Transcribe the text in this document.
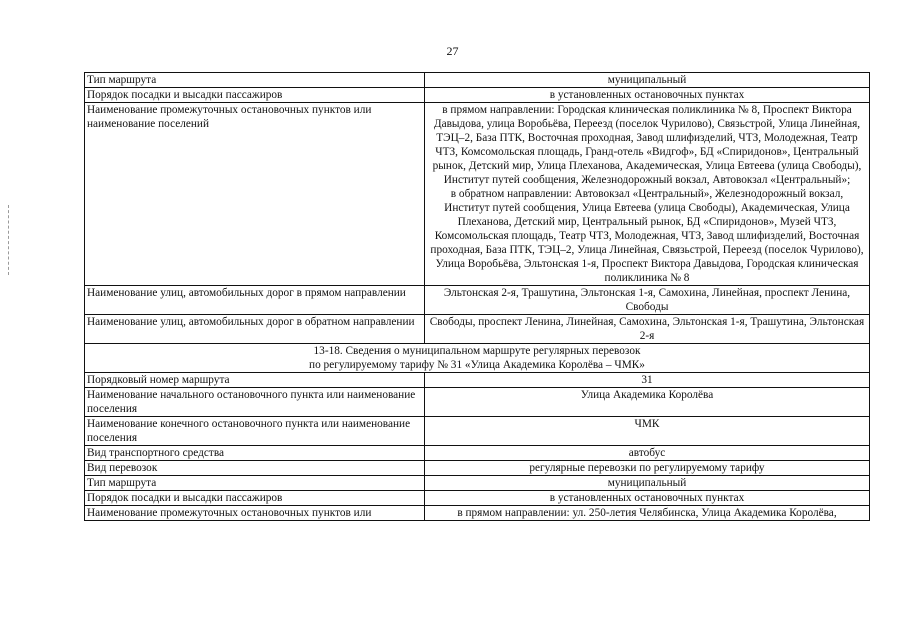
27
Тип маршрута	муниципальный
Порядок посадки и высадки пассажиров	в установленных остановочных пунктах
Наименование промежуточных остановочных пунктов или наименование поселений	в прямом направлении: Городская клиническая поликлиника № 8, Проспект Виктора Давыдова, улица Воробьёва, Переезд (поселок Чурилово), Связьстрой, Улица Линейная, ТЭЦ–2, База ПТК, Восточная проходная, Завод шлифизделий, ЧТЗ, Молодежная, Театр ЧТЗ, Комсомольская площадь, Гранд-отель «Видгоф», БД «Спиридонов», Центральный рынок, Детский мир, Улица Плеханова, Академическая, Улица Евтеева (улица Свободы), Институт путей сообщения, Железнодорожный вокзал, Автовокзал «Центральный»;
в обратном направлении: Автовокзал «Центральный», Железнодорожный вокзал, Институт путей сообщения, Улица Евтеева (улица Свободы), Академическая, Улица Плеханова, Детский мир, Центральный рынок, БД «Спиридонов», Музей ЧТЗ, Комсомольская площадь, Театр ЧТЗ, Молодежная, ЧТЗ, Завод шлифизделий, Восточная проходная, База ПТК, ТЭЦ–2, Улица Линейная, Связьстрой, Переезд (поселок Чурилово), Улица Воробьёва, Эльтонская 1-я, Проспект Виктора Давыдова, Городская клиническая поликлиника № 8

Наименование улиц, автомобильных дорог в прямом направлении	Эльтонская 2-я, Трашутина, Эльтонская 1-я, Самохина, Линейная, проспект Ленина, Свободы
Наименование улиц, автомобильных дорог в обратном направлении	Свободы, проспект Ленина, Линейная, Самохина, Эльтонская 1-я, Трашутина, Эльтонская 2-я

13-18. Сведения о муниципальном маршруте регулярных перевозок
по регулируемому тарифу № 31 «Улица Академика Королёва – ЧМК»	

Порядковый номер маршрута	31
Наименование начального остановочного пункта или наименование поселения	Улица Академика Королёва
Наименование конечного остановочного пункта или наименование поселения	ЧМК
Вид транспортного средства	автобус
Вид перевозок	регулярные перевозки по регулируемому тарифу
Тип маршрута	муниципальный
Порядок посадки и высадки пассажиров	в установленных остановочных пунктах
Наименование промежуточных остановочных пунктов или	в прямом направлении: ул. 250-летия Челябинска, Улица Академика Королёва,
